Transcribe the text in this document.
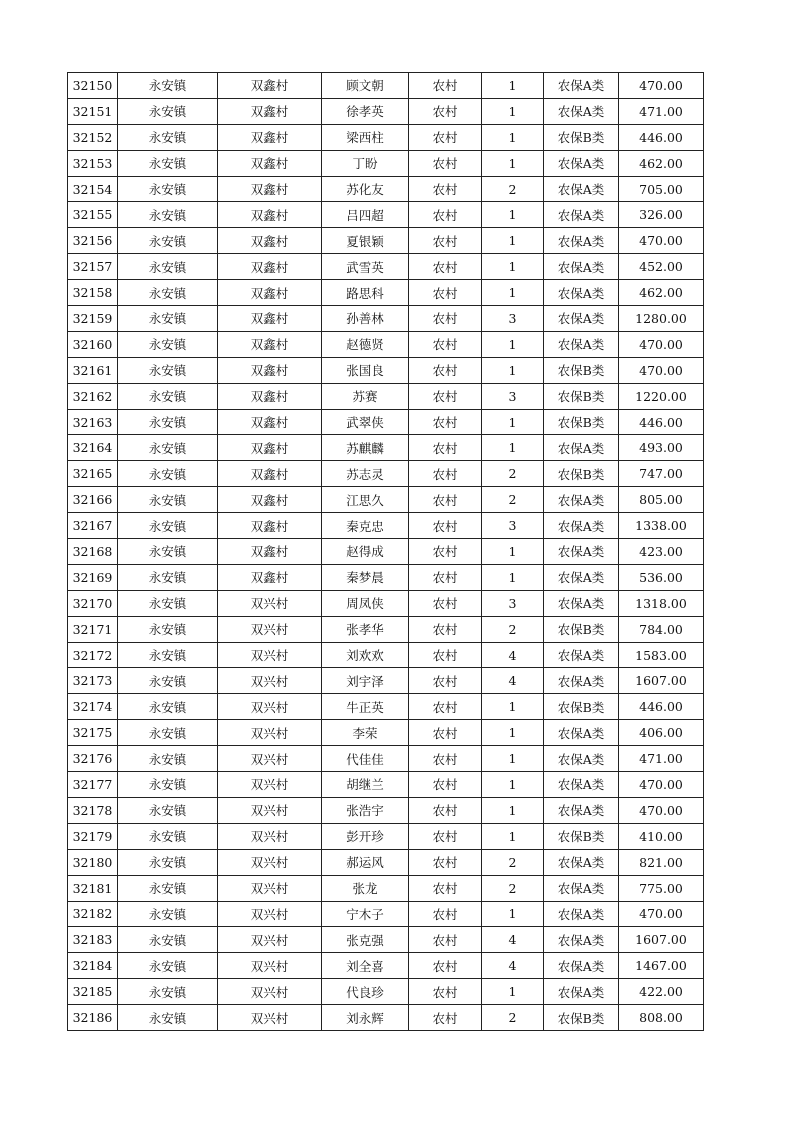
32150	永安镇	双鑫村	顾文朝	农村	1	农保A类	470.00
32151	永安镇	双鑫村	徐孝英	农村	1	农保A类	471.00
32152	永安镇	双鑫村	梁西柱	农村	1	农保B类	446.00
32153	永安镇	双鑫村	丁盼	农村	1	农保A类	462.00
32154	永安镇	双鑫村	苏化友	农村	2	农保A类	705.00
32155	永安镇	双鑫村	吕四超	农村	1	农保A类	326.00
32156	永安镇	双鑫村	夏银颖	农村	1	农保A类	470.00
32157	永安镇	双鑫村	武雪英	农村	1	农保A类	452.00
32158	永安镇	双鑫村	路思科	农村	1	农保A类	462.00
32159	永安镇	双鑫村	孙善林	农村	3	农保A类	1280.00
32160	永安镇	双鑫村	赵德贤	农村	1	农保A类	470.00
32161	永安镇	双鑫村	张国良	农村	1	农保B类	470.00
32162	永安镇	双鑫村	苏赛	农村	3	农保B类	1220.00
32163	永安镇	双鑫村	武翠侠	农村	1	农保B类	446.00
32164	永安镇	双鑫村	苏麒麟	农村	1	农保A类	493.00
32165	永安镇	双鑫村	苏志灵	农村	2	农保B类	747.00
32166	永安镇	双鑫村	江思久	农村	2	农保A类	805.00
32167	永安镇	双鑫村	秦克忠	农村	3	农保A类	1338.00
32168	永安镇	双鑫村	赵得成	农村	1	农保A类	423.00
32169	永安镇	双鑫村	秦梦晨	农村	1	农保A类	536.00
32170	永安镇	双兴村	周凤侠	农村	3	农保A类	1318.00
32171	永安镇	双兴村	张孝华	农村	2	农保B类	784.00
32172	永安镇	双兴村	刘欢欢	农村	4	农保A类	1583.00
32173	永安镇	双兴村	刘宇泽	农村	4	农保A类	1607.00
32174	永安镇	双兴村	牛正英	农村	1	农保B类	446.00
32175	永安镇	双兴村	李荣	农村	1	农保A类	406.00
32176	永安镇	双兴村	代佳佳	农村	1	农保A类	471.00
32177	永安镇	双兴村	胡继兰	农村	1	农保A类	470.00
32178	永安镇	双兴村	张浩宇	农村	1	农保A类	470.00
32179	永安镇	双兴村	彭开珍	农村	1	农保B类	410.00
32180	永安镇	双兴村	郝运风	农村	2	农保A类	821.00
32181	永安镇	双兴村	张龙	农村	2	农保A类	775.00
32182	永安镇	双兴村	宁木子	农村	1	农保A类	470.00
32183	永安镇	双兴村	张克强	农村	4	农保A类	1607.00
32184	永安镇	双兴村	刘全喜	农村	4	农保A类	1467.00
32185	永安镇	双兴村	代良珍	农村	1	农保A类	422.00
32186	永安镇	双兴村	刘永辉	农村	2	农保B类	808.00
